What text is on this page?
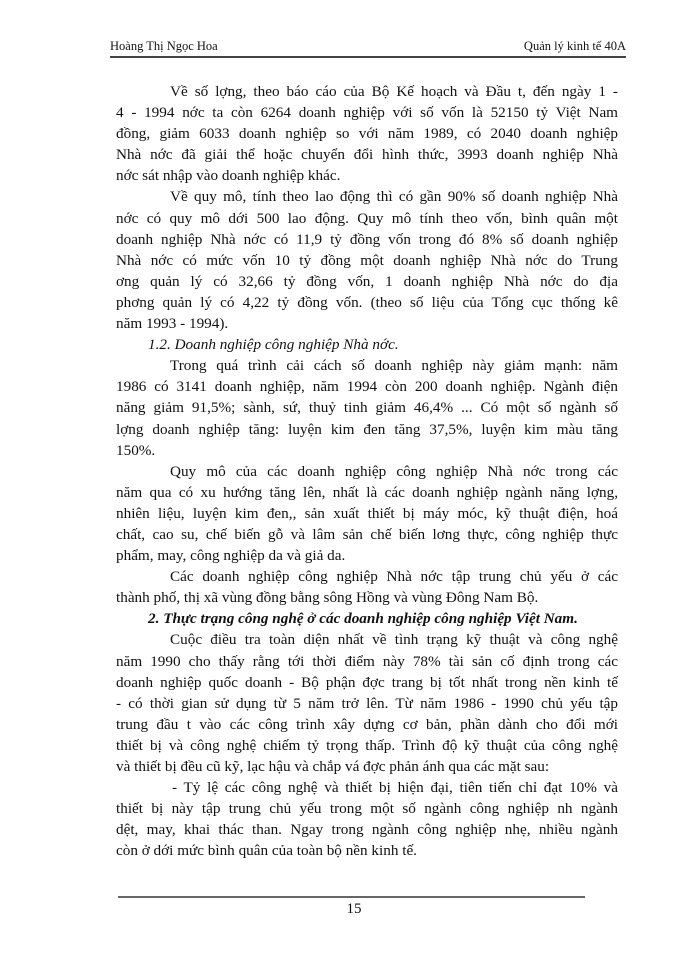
Hoàng Thị Ngọc Hoa	Quản lý kinh tế 40A
Về số lợng, theo báo cáo của Bộ Kế hoạch và Đầu t, đến ngày 1 -
4 - 1994 nớc ta còn 6264 doanh nghiệp với số vốn là 52150 tỷ Việt Nam
đồng, giảm 6033 doanh nghiệp so với năm 1989, có 2040 doanh nghiệp
Nhà nớc đã giải thể hoặc chuyển đổi hình thức, 3993 doanh nghiệp Nhà
nớc sát nhập vào doanh nghiệp khác.
Về quy mô, tính theo lao động thì có gần 90% số doanh nghiệp Nhà
nớc có quy mô dới 500 lao động. Quy mô tính theo vốn, bình quân một
doanh nghiệp Nhà nớc có 11,9 tỷ đồng vốn trong đó 8% số doanh nghiệp
Nhà nớc có mức vốn 10 tỷ đồng một doanh nghiệp Nhà nớc do Trung
ơng quản lý có 32,66 tỷ đồng vốn, 1 doanh nghiệp Nhà nớc do địa
phơng quản lý có 4,22 tỷ đồng vốn. (theo số liệu của Tổng cục thống kê
năm 1993 - 1994).
1.2. Doanh nghiệp công nghiệp Nhà nớc.
Trong quá trình cải cách số doanh nghiệp này giảm mạnh: năm
1986 có 3141 doanh nghiệp, năm 1994 còn 200 doanh nghiệp. Ngành điện
năng giảm 91,5%; sành, sứ, thuỷ tinh giảm 46,4% ... Có một số ngành số
lợng doanh nghiệp tăng: luyện kim đen tăng 37,5%, luyện kim màu tăng
150%.
Quy mô của các doanh nghiệp công nghiệp Nhà nớc trong các
năm qua có xu hướng tăng lên, nhất là các doanh nghiệp ngành năng lợng,
nhiên liệu, luyện kim đen,, sản xuất thiết bị máy móc, kỹ thuật điện, hoá
chất, cao su, chế biến gỗ và lâm sản chế biến lơng thực, công nghiệp thực
phẩm, may, công nghiệp da và giả da.
Các doanh nghiệp công nghiệp Nhà nớc tập trung chủ yếu ở các
thành phố, thị xã vùng đồng bằng sông Hồng và vùng Đông Nam Bộ.
2. Thực trạng công nghệ ở các doanh nghiệp công nghiệp Việt Nam.
Cuộc điều tra toàn diện nhất về tình trạng kỹ thuật và công nghệ
năm 1990 cho thấy rằng tới thời điểm này 78% tài sản cố định trong các
doanh nghiệp quốc doanh - Bộ phận đợc trang bị tốt nhất trong nền kinh tế
- có thời gian sử dụng từ 5 năm trở lên. Từ năm 1986 - 1990 chủ yếu tập
trung đầu t vào các công trình xây dựng cơ bản, phần dành cho đổi mới
thiết bị và công nghệ chiếm tỷ trọng thấp. Trình độ kỹ thuật của công nghệ
và thiết bị đều cũ kỹ, lạc hậu và chắp vá đợc phản ánh qua các mặt sau:
- Tỷ lệ các công nghệ và thiết bị hiện đại, tiên tiến chỉ đạt 10% và
thiết bị này tập trung chủ yếu trong một số ngành công nghiệp nh ngành
dệt, may, khai thác than. Ngay trong ngành công nghiệp nhẹ, nhiều ngành
còn ở dới mức bình quân của toàn bộ nền kinh tế.
15
